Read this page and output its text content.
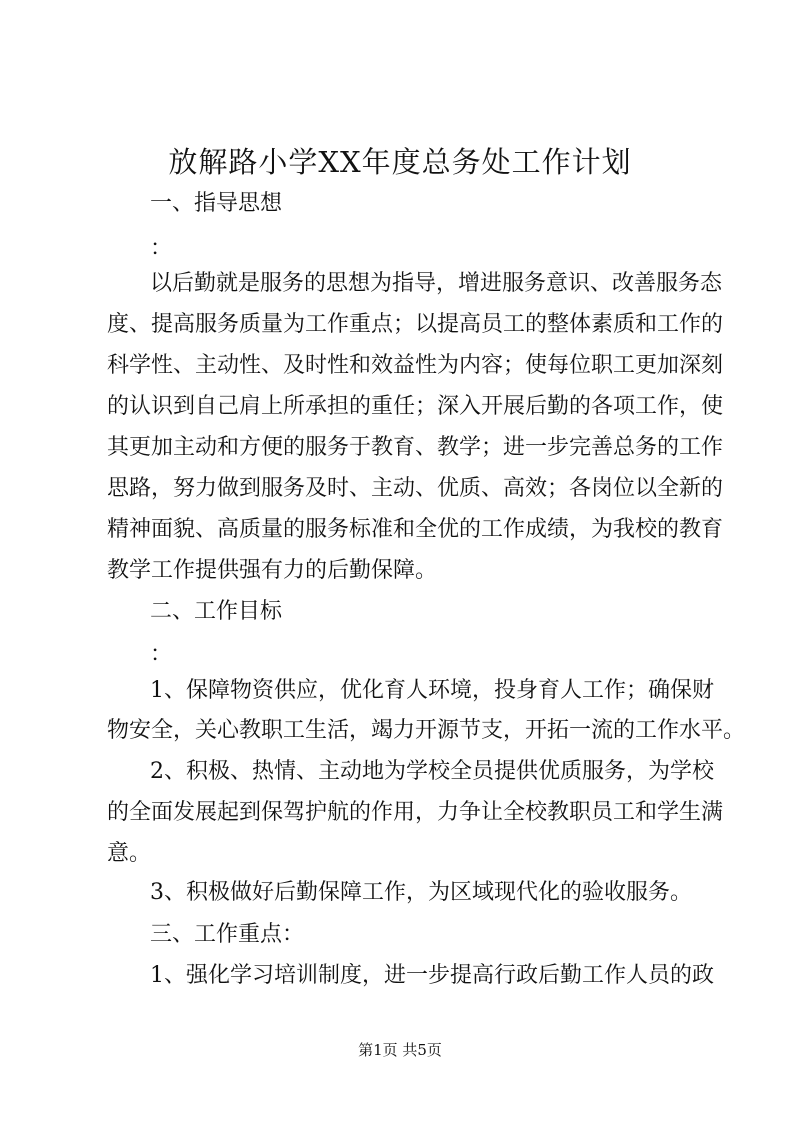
放解路小学XX年度总务处工作计划
一、指导思想
：
以后勤就是服务的思想为指导，增进服务意识、改善服务态
度、提高服务质量为工作重点；以提高员工的整体素质和工作的
科学性、主动性、及时性和效益性为内容；使每位职工更加深刻
的认识到自己肩上所承担的重任；深入开展后勤的各项工作，使
其更加主动和方便的服务于教育、教学；进一步完善总务的工作
思路，努力做到服务及时、主动、优质、高效；各岗位以全新的
精神面貌、高质量的服务标准和全优的工作成绩，为我校的教育
教学工作提供强有力的后勤保障。
二、工作目标
：
1、保障物资供应，优化育人环境，投身育人工作；确保财
物安全，关心教职工生活，竭力开源节支，开拓一流的工作水平。
2、积极、热情、主动地为学校全员提供优质服务，为学校
的全面发展起到保驾护航的作用，力争让全校教职员工和学生满
意。
3、积极做好后勤保障工作，为区域现代化的验收服务。
三、工作重点：
1、强化学习培训制度，进一步提高行政后勤工作人员的政
第1页 共5页
